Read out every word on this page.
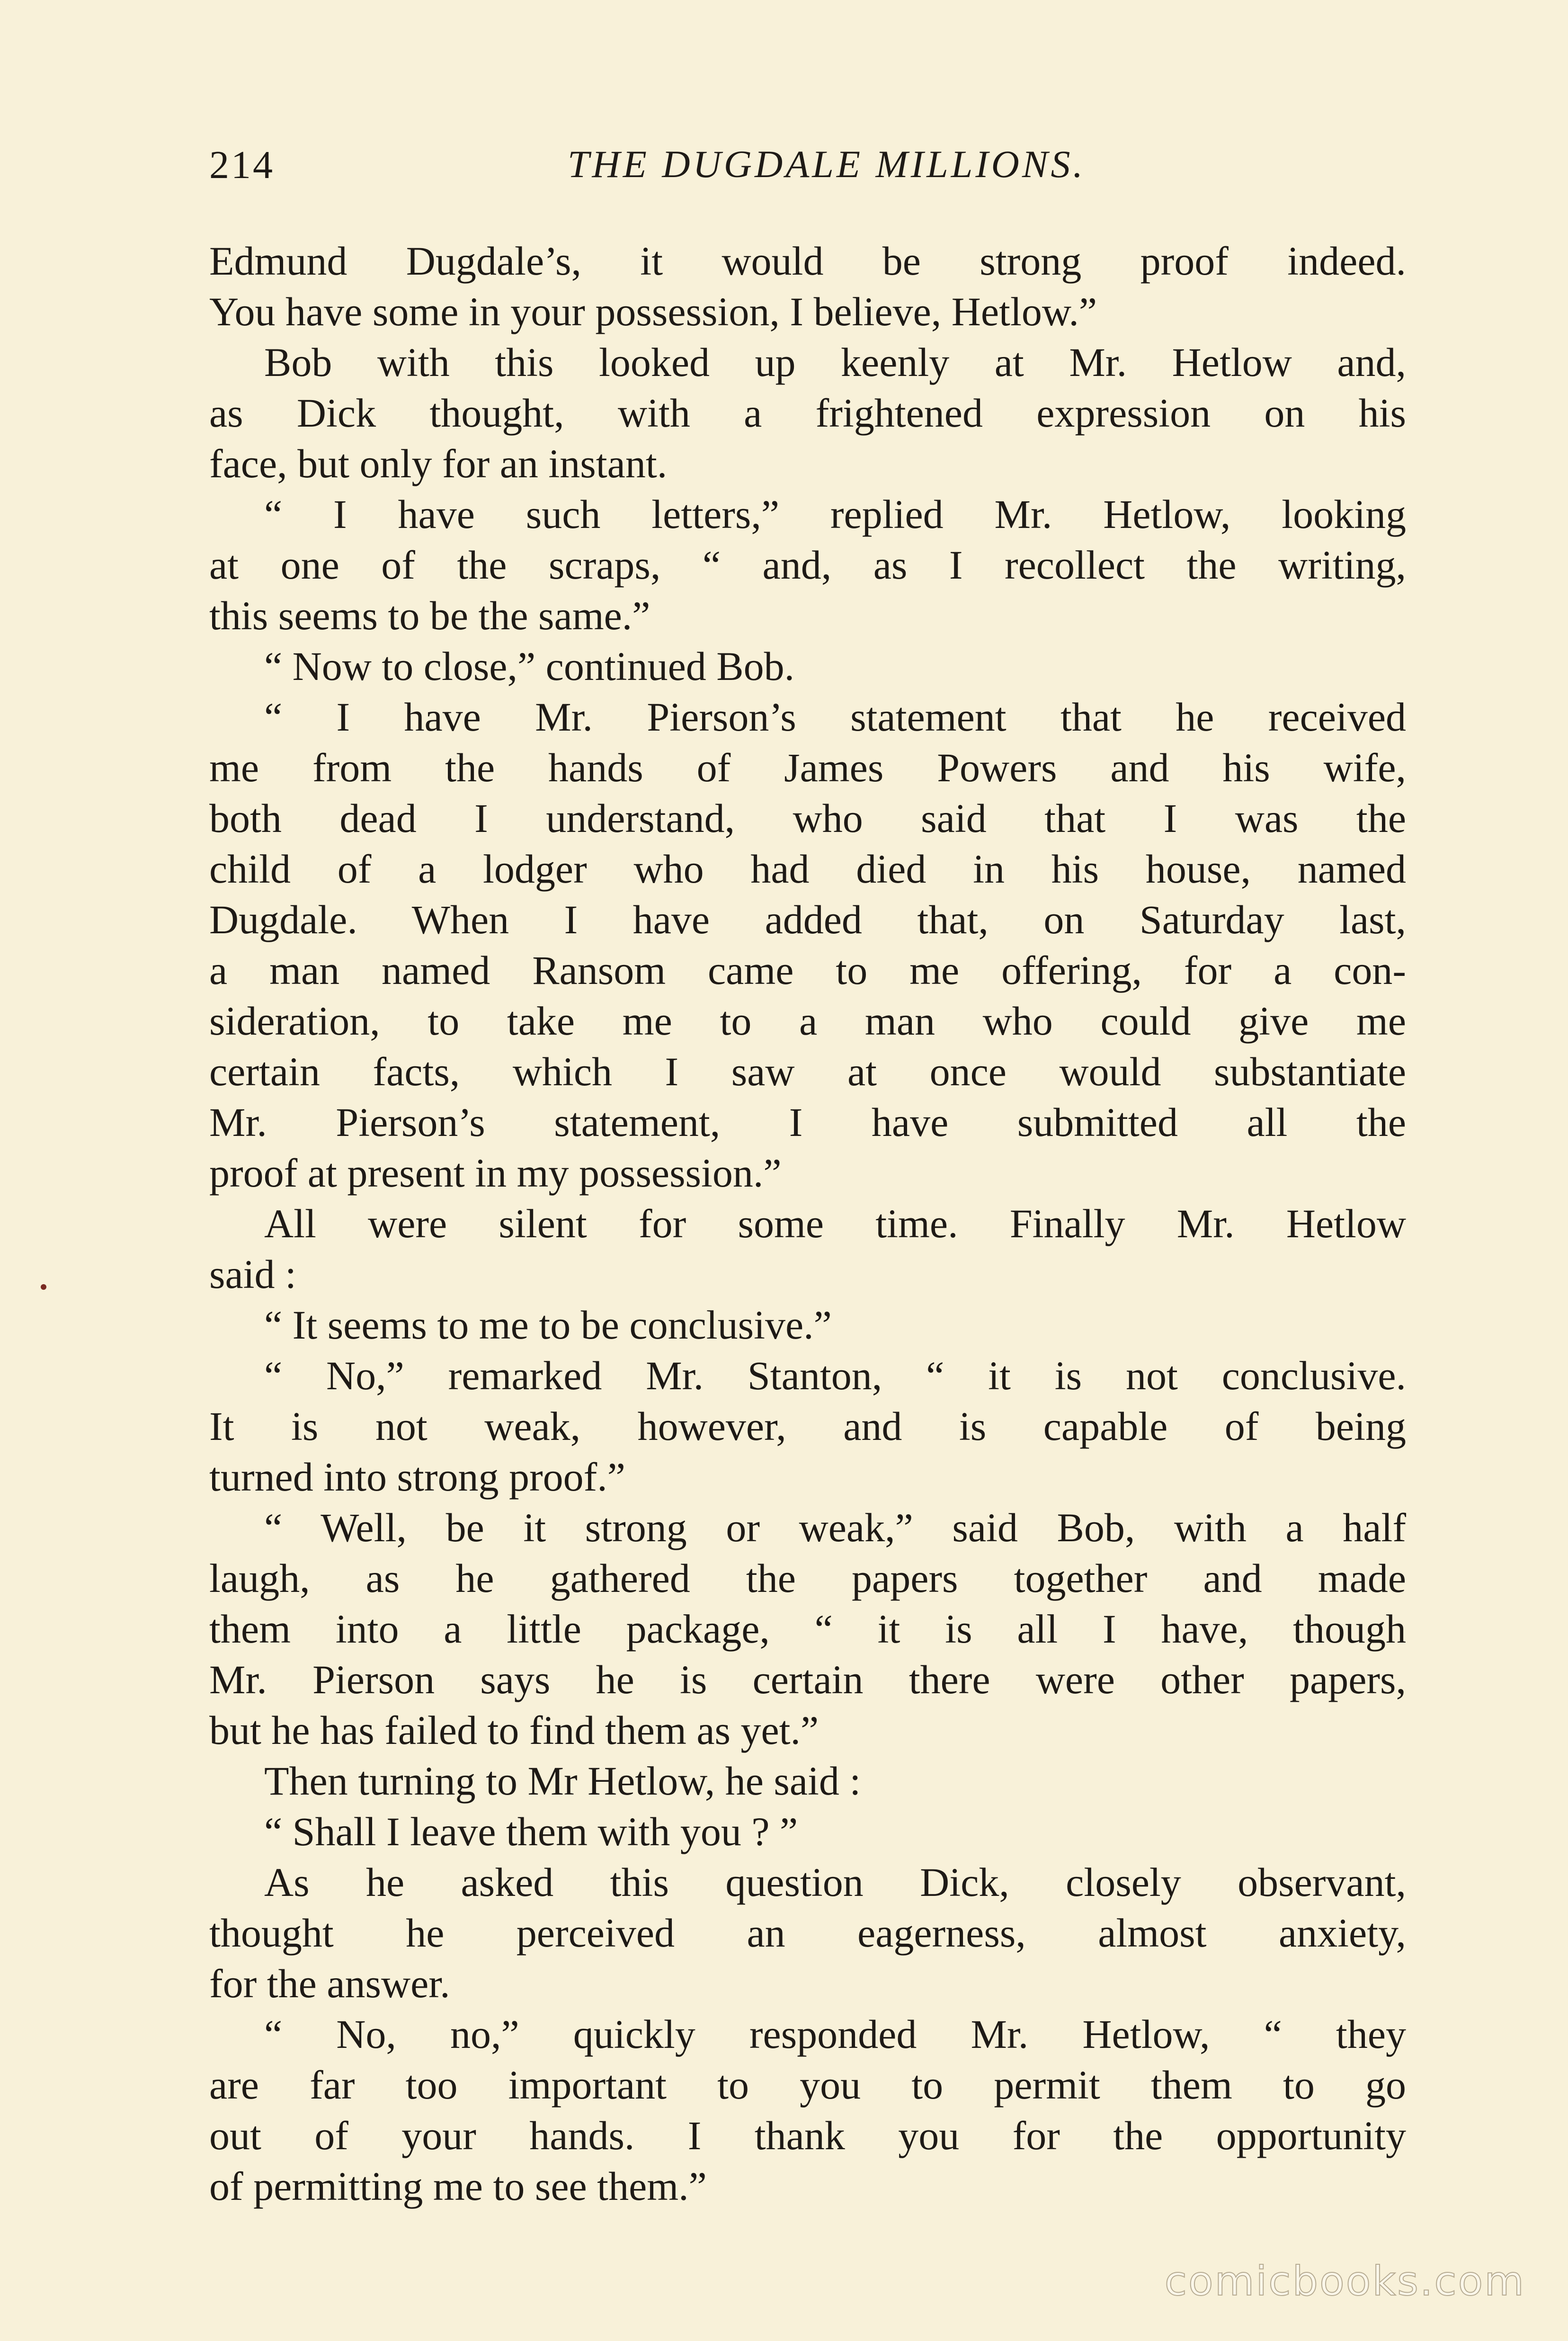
214	THE DUGDALE MILLIONS.
Edmund Dugdale’s, it would be strong proof indeed.
You have some in your possession, I believe, Hetlow.”
Bob with this looked up keenly at Mr. Hetlow and,
as Dick thought, with a frightened expression on his
face, but only for an instant.
“ I have such letters,” replied Mr. Hetlow, looking
at one of the scraps, “ and, as I recollect the writing,
this seems to be the same.”
“ Now to close,” continued Bob.
“ I have Mr. Pierson’s statement that he received
me from the hands of James Powers and his wife,
both dead I understand, who said that I was the
child of a lodger who had died in his house, named
Dugdale. When I have added that, on Saturday last,
a man named Ransom came to me offering, for a con-
sideration, to take me to a man who could give me
certain facts, which I saw at once would substantiate
Mr. Pierson’s statement, I have submitted all the
proof at present in my possession.”
All were silent for some time. Finally Mr. Hetlow
said :
“ It seems to me to be conclusive.”
“ No,” remarked Mr. Stanton, “ it is not conclusive.
It is not weak, however, and is capable of being
turned into strong proof.”
“ Well, be it strong or weak,” said Bob, with a half
laugh, as he gathered the papers together and made
them into a little package, “ it is all I have, though
Mr. Pierson says he is certain there were other papers,
but he has failed to find them as yet.”
Then turning to Mr Hetlow, he said :
“ Shall I leave them with you ? ”
As he asked this question Dick, closely observant,
thought he perceived an eagerness, almost anxiety,
for the answer.
“ No, no,” quickly responded Mr. Hetlow, “ they
are far too important to you to permit them to go
out of your hands. I thank you for the opportunity
of permitting me to see them.”
comicbooks.com
